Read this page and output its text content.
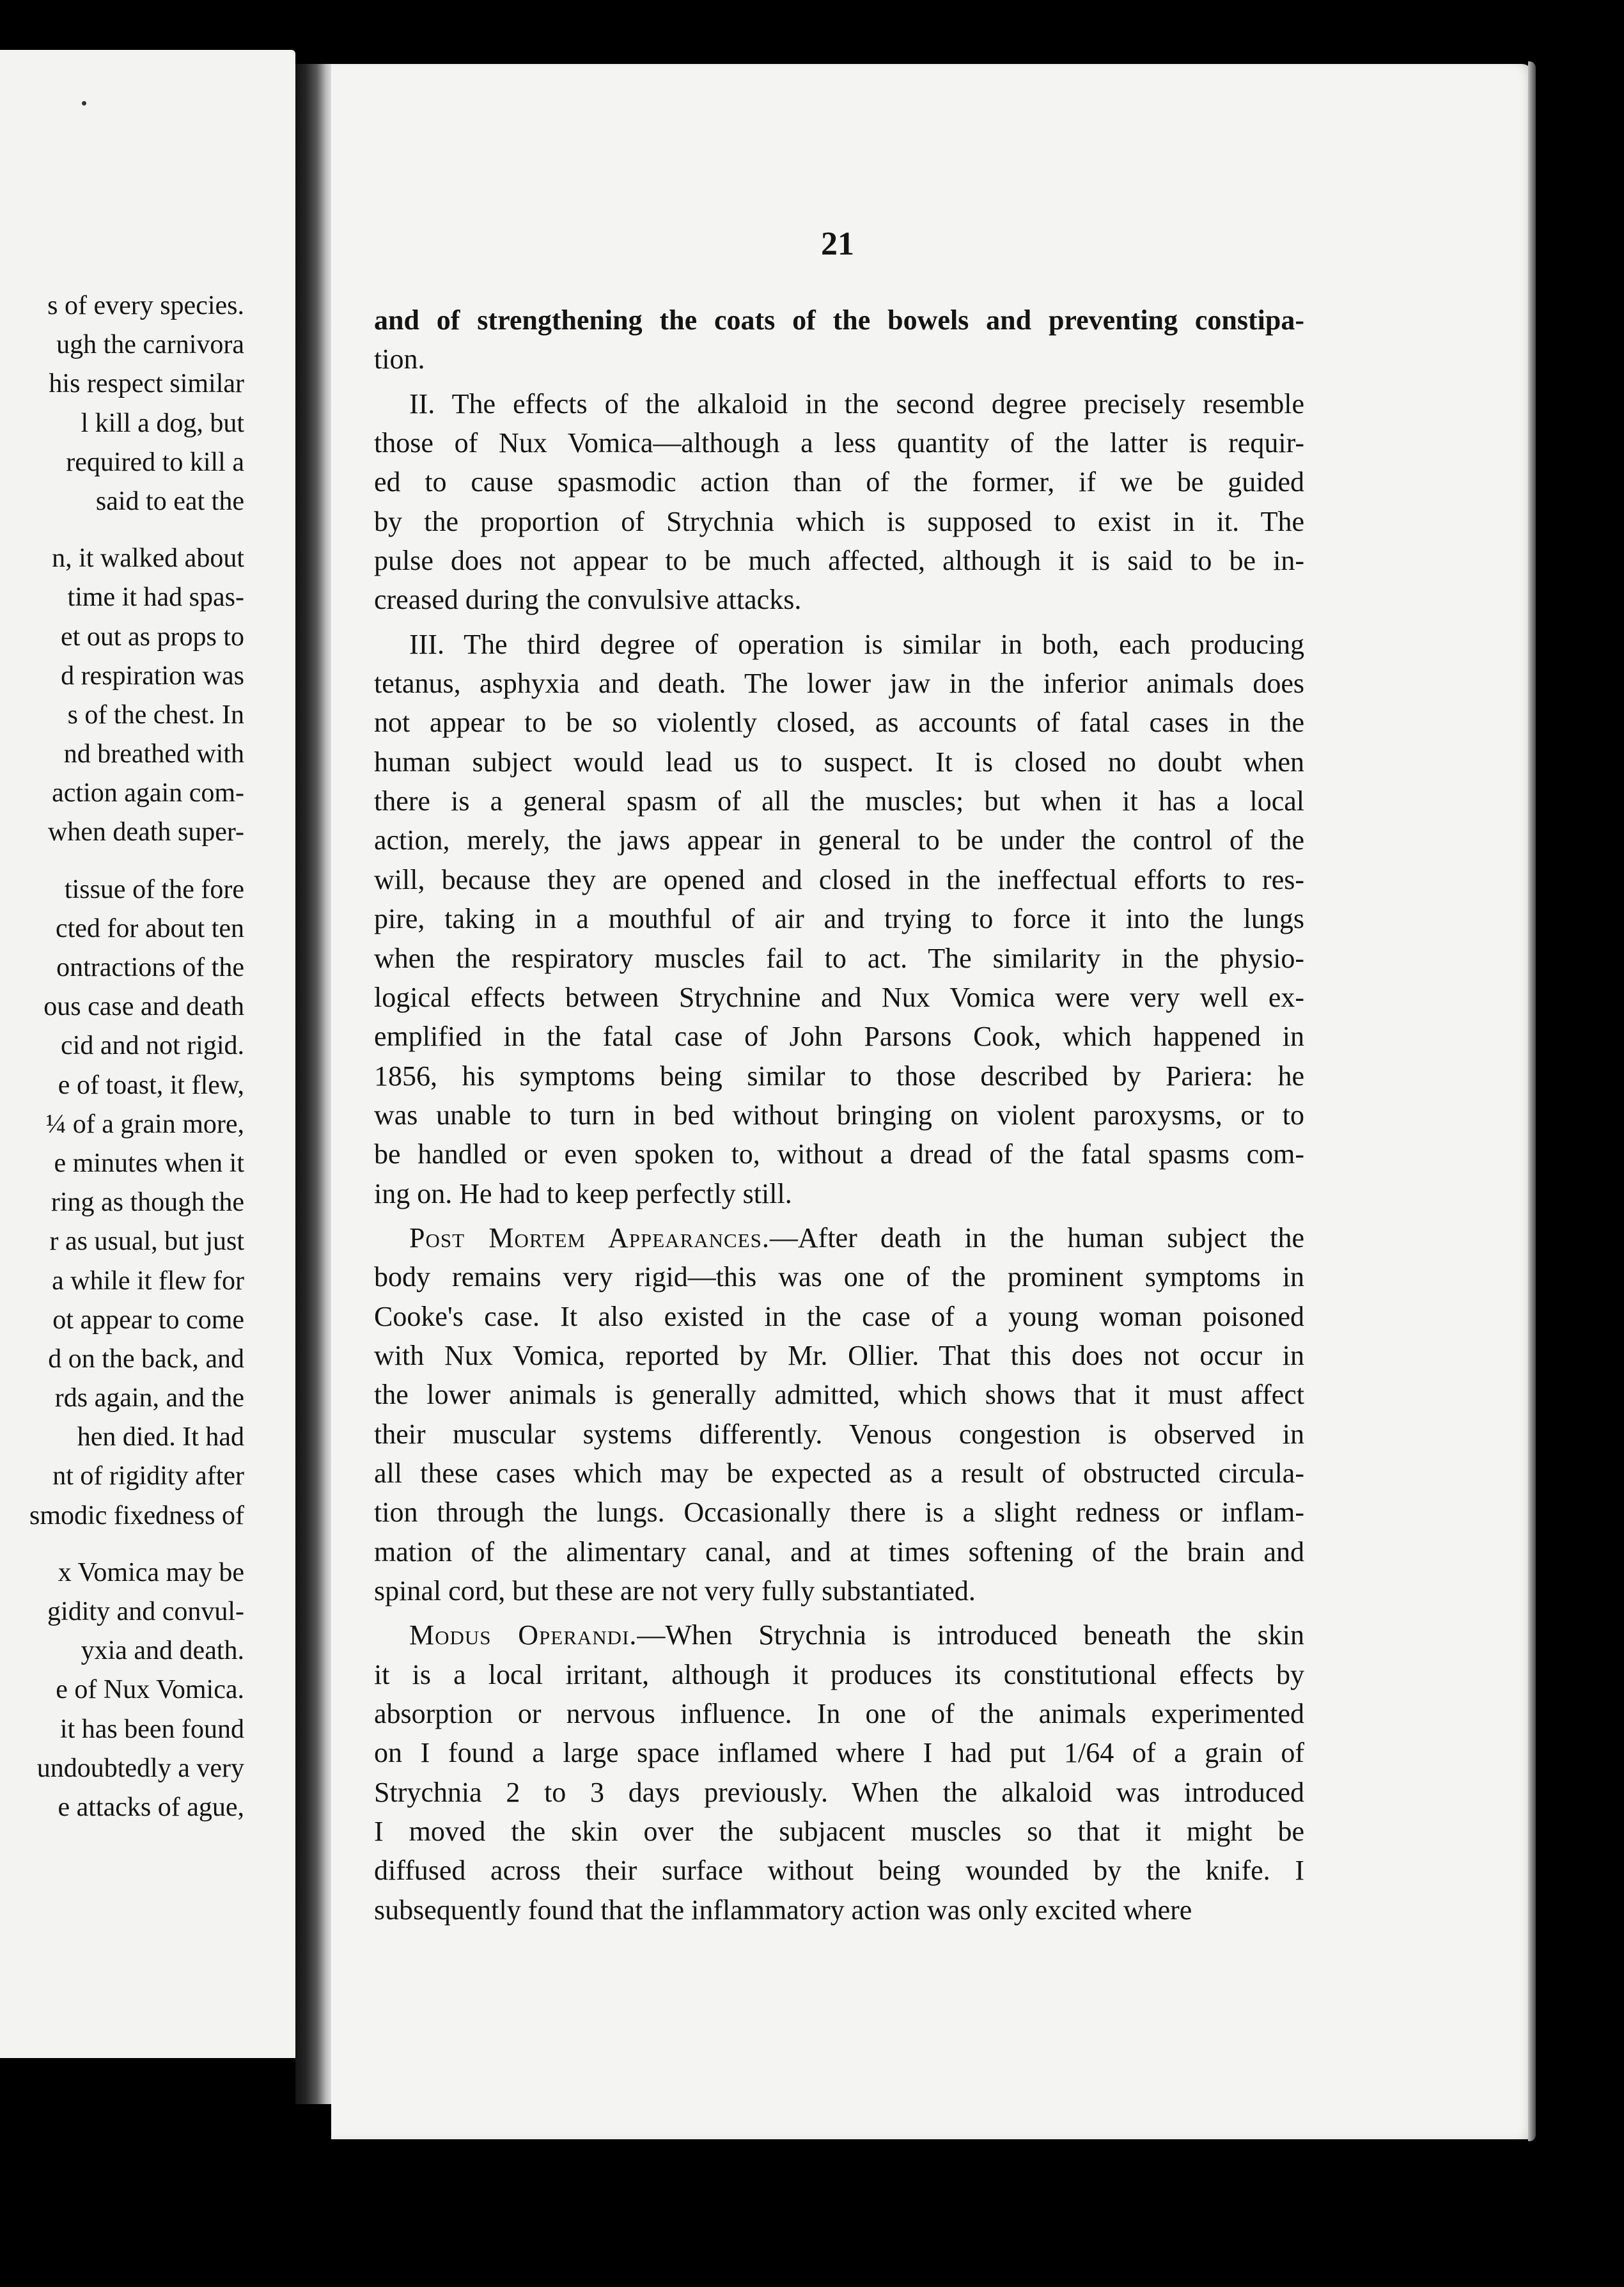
s of every species.
ugh the carnivora
his respect similar
l kill a dog, but
required to kill a
said to eat the
n, it walked about
time it had spas-
et out as props to
d respiration was
s of the chest. In
nd breathed with
action again com-
when death super-
tissue of the fore
cted for about ten
ontractions of the
ous case and death
cid and not rigid.
e of toast, it flew,
¼ of a grain more,
e minutes when it
ring as though the
r as usual, but just
a while it flew for
ot appear to come
d on the back, and
rds again, and the
hen died. It had
nt of rigidity after
smodic fixedness of
x Vomica may be
gidity and convul-
yxia and death.
e of Nux Vomica.
it has been found
undoubtedly a very
e attacks of ague,
21
and of strengthening the coats of the bowels and preventing constipa-
tion.
II. The effects of the alkaloid in the second degree precisely resemble
those of Nux Vomica—although a less quantity of the latter is requir-
ed to cause spasmodic action than of the former, if we be guided
by the proportion of Strychnia which is supposed to exist in it. The
pulse does not appear to be much affected, although it is said to be in-
creased during the convulsive attacks.
III. The third degree of operation is similar in both, each producing
tetanus, asphyxia and death. The lower jaw in the inferior animals does
not appear to be so violently closed, as accounts of fatal cases in the
human subject would lead us to suspect. It is closed no doubt when
there is a general spasm of all the muscles; but when it has a local
action, merely, the jaws appear in general to be under the control of the
will, because they are opened and closed in the ineffectual efforts to res-
pire, taking in a mouthful of air and trying to force it into the lungs
when the respiratory muscles fail to act. The similarity in the physio-
logical effects between Strychnine and Nux Vomica were very well ex-
emplified in the fatal case of John Parsons Cook, which happened in
1856, his symptoms being similar to those described by Pariera: he
was unable to turn in bed without bringing on violent paroxysms, or to
be handled or even spoken to, without a dread of the fatal spasms com-
ing on. He had to keep perfectly still.
Post Mortem Appearances.—After death in the human subject the
body remains very rigid—this was one of the prominent symptoms in
Cooke's case. It also existed in the case of a young woman poisoned
with Nux Vomica, reported by Mr. Ollier. That this does not occur in
the lower animals is generally admitted, which shows that it must affect
their muscular systems differently. Venous congestion is observed in
all these cases which may be expected as a result of obstructed circula-
tion through the lungs. Occasionally there is a slight redness or inflam-
mation of the alimentary canal, and at times softening of the brain and
spinal cord, but these are not very fully substantiated.
Modus Operandi.—When Strychnia is introduced beneath the skin
it is a local irritant, although it produces its constitutional effects by
absorption or nervous influence. In one of the animals experimented
on I found a large space inflamed where I had put 1/64 of a grain of
Strychnia 2 to 3 days previously. When the alkaloid was introduced
I moved the skin over the subjacent muscles so that it might be
diffused across their surface without being wounded by the knife. I
subsequently found that the inflammatory action was only excited where
